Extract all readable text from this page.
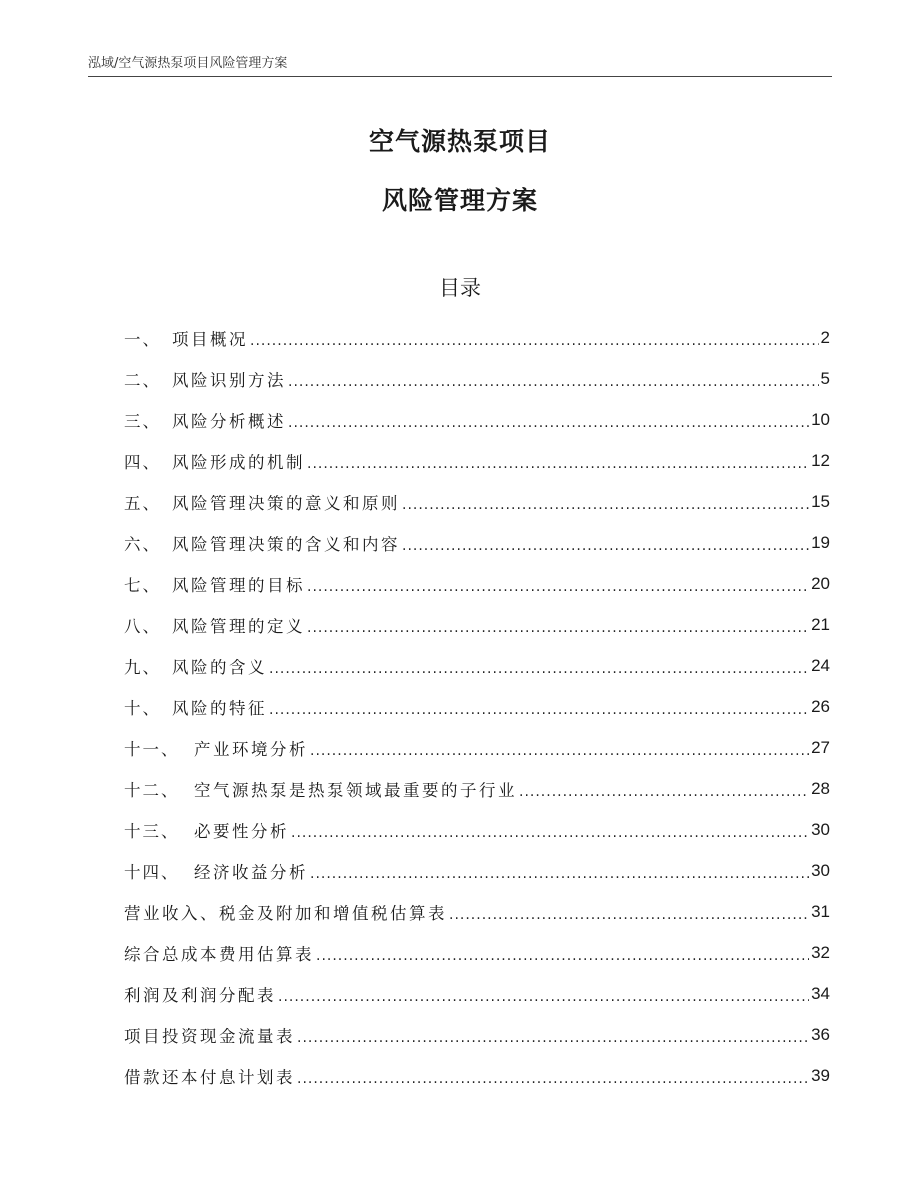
泓域/空气源热泵项目风险管理方案
空气源热泵项目
风险管理方案
目录
一、 项目概况 .....	2
二、 风险识别方法 .....	5
三、 风险分析概述 .....	10
四、 风险形成的机制 .....	12
五、 风险管理决策的意义和原则 .....	15
六、 风险管理决策的含义和内容 .....	19
七、 风险管理的目标 .....	20
八、 风险管理的定义 .....	21
九、 风险的含义 .....	24
十、 风险的特征 .....	26
十一、 产业环境分析 .....	27
十二、 空气源热泵是热泵领域最重要的子行业 .....	28
十三、 必要性分析 .....	30
十四、 经济收益分析 .....	30
营业收入、税金及附加和增值税估算表 .....	31
综合总成本费用估算表 .....	32
利润及利润分配表 .....	34
项目投资现金流量表 .....	36
借款还本付息计划表 .....	39
